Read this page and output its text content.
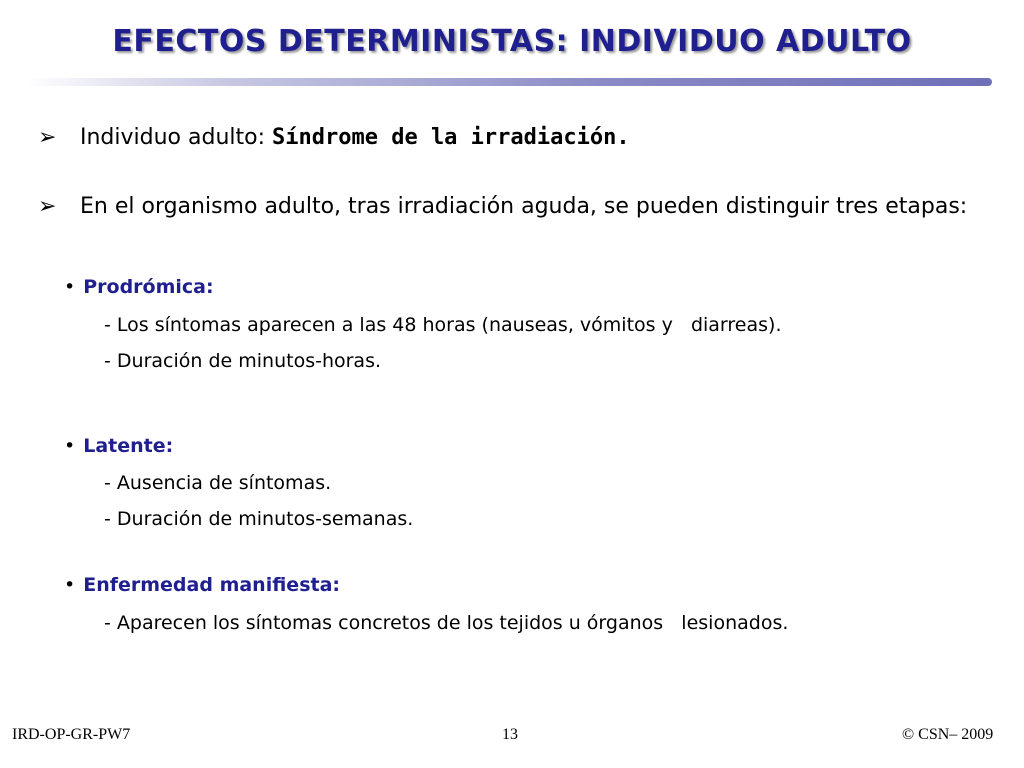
EFECTOS DETERMINISTAS: INDIVIDUO ADULTO
➢ Individuo adulto: Síndrome de la irradiación.
➢ En el organismo adulto, tras irradiación aguda, se pueden distinguir tres etapas:
• Prodrómica:
- Los síntomas aparecen a las 48 horas (nauseas, vómitos y   diarreas).
- Duración de minutos-horas.
• Latente:
- Ausencia de síntomas.
- Duración de minutos-semanas.
• Enfermedad manifiesta:
- Aparecen los síntomas concretos de los tejidos u órganos   lesionados.
IRD-OP-GR-PW7	13	© CSN– 2009
